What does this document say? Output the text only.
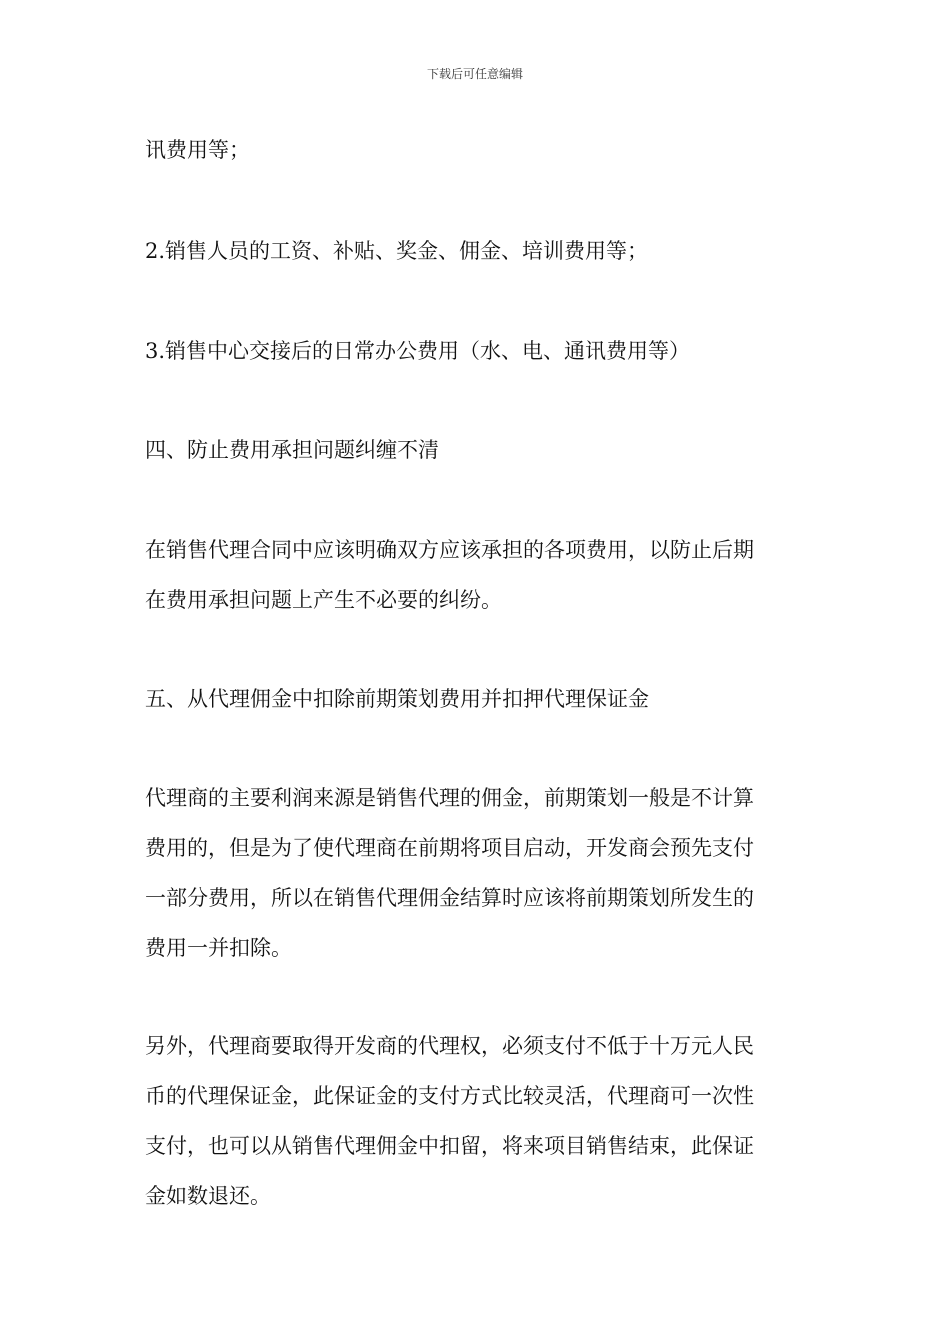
下载后可任意编辑
讯费用等；
2.销售人员的工资、补贴、奖金、佣金、培训费用等；
3.销售中心交接后的日常办公费用（水、电、通讯费用等）
四、防止费用承担问题纠缠不清
在销售代理合同中应该明确双方应该承担的各项费用，以防止后期
在费用承担问题上产生不必要的纠纷。
五、从代理佣金中扣除前期策划费用并扣押代理保证金
代理商的主要利润来源是销售代理的佣金，前期策划一般是不计算
费用的，但是为了使代理商在前期将项目启动，开发商会预先支付
一部分费用，所以在销售代理佣金结算时应该将前期策划所发生的
费用一并扣除。
另外，代理商要取得开发商的代理权，必须支付不低于十万元人民
币的代理保证金，此保证金的支付方式比较灵活，代理商可一次性
支付，也可以从销售代理佣金中扣留，将来项目销售结束，此保证
金如数退还。
